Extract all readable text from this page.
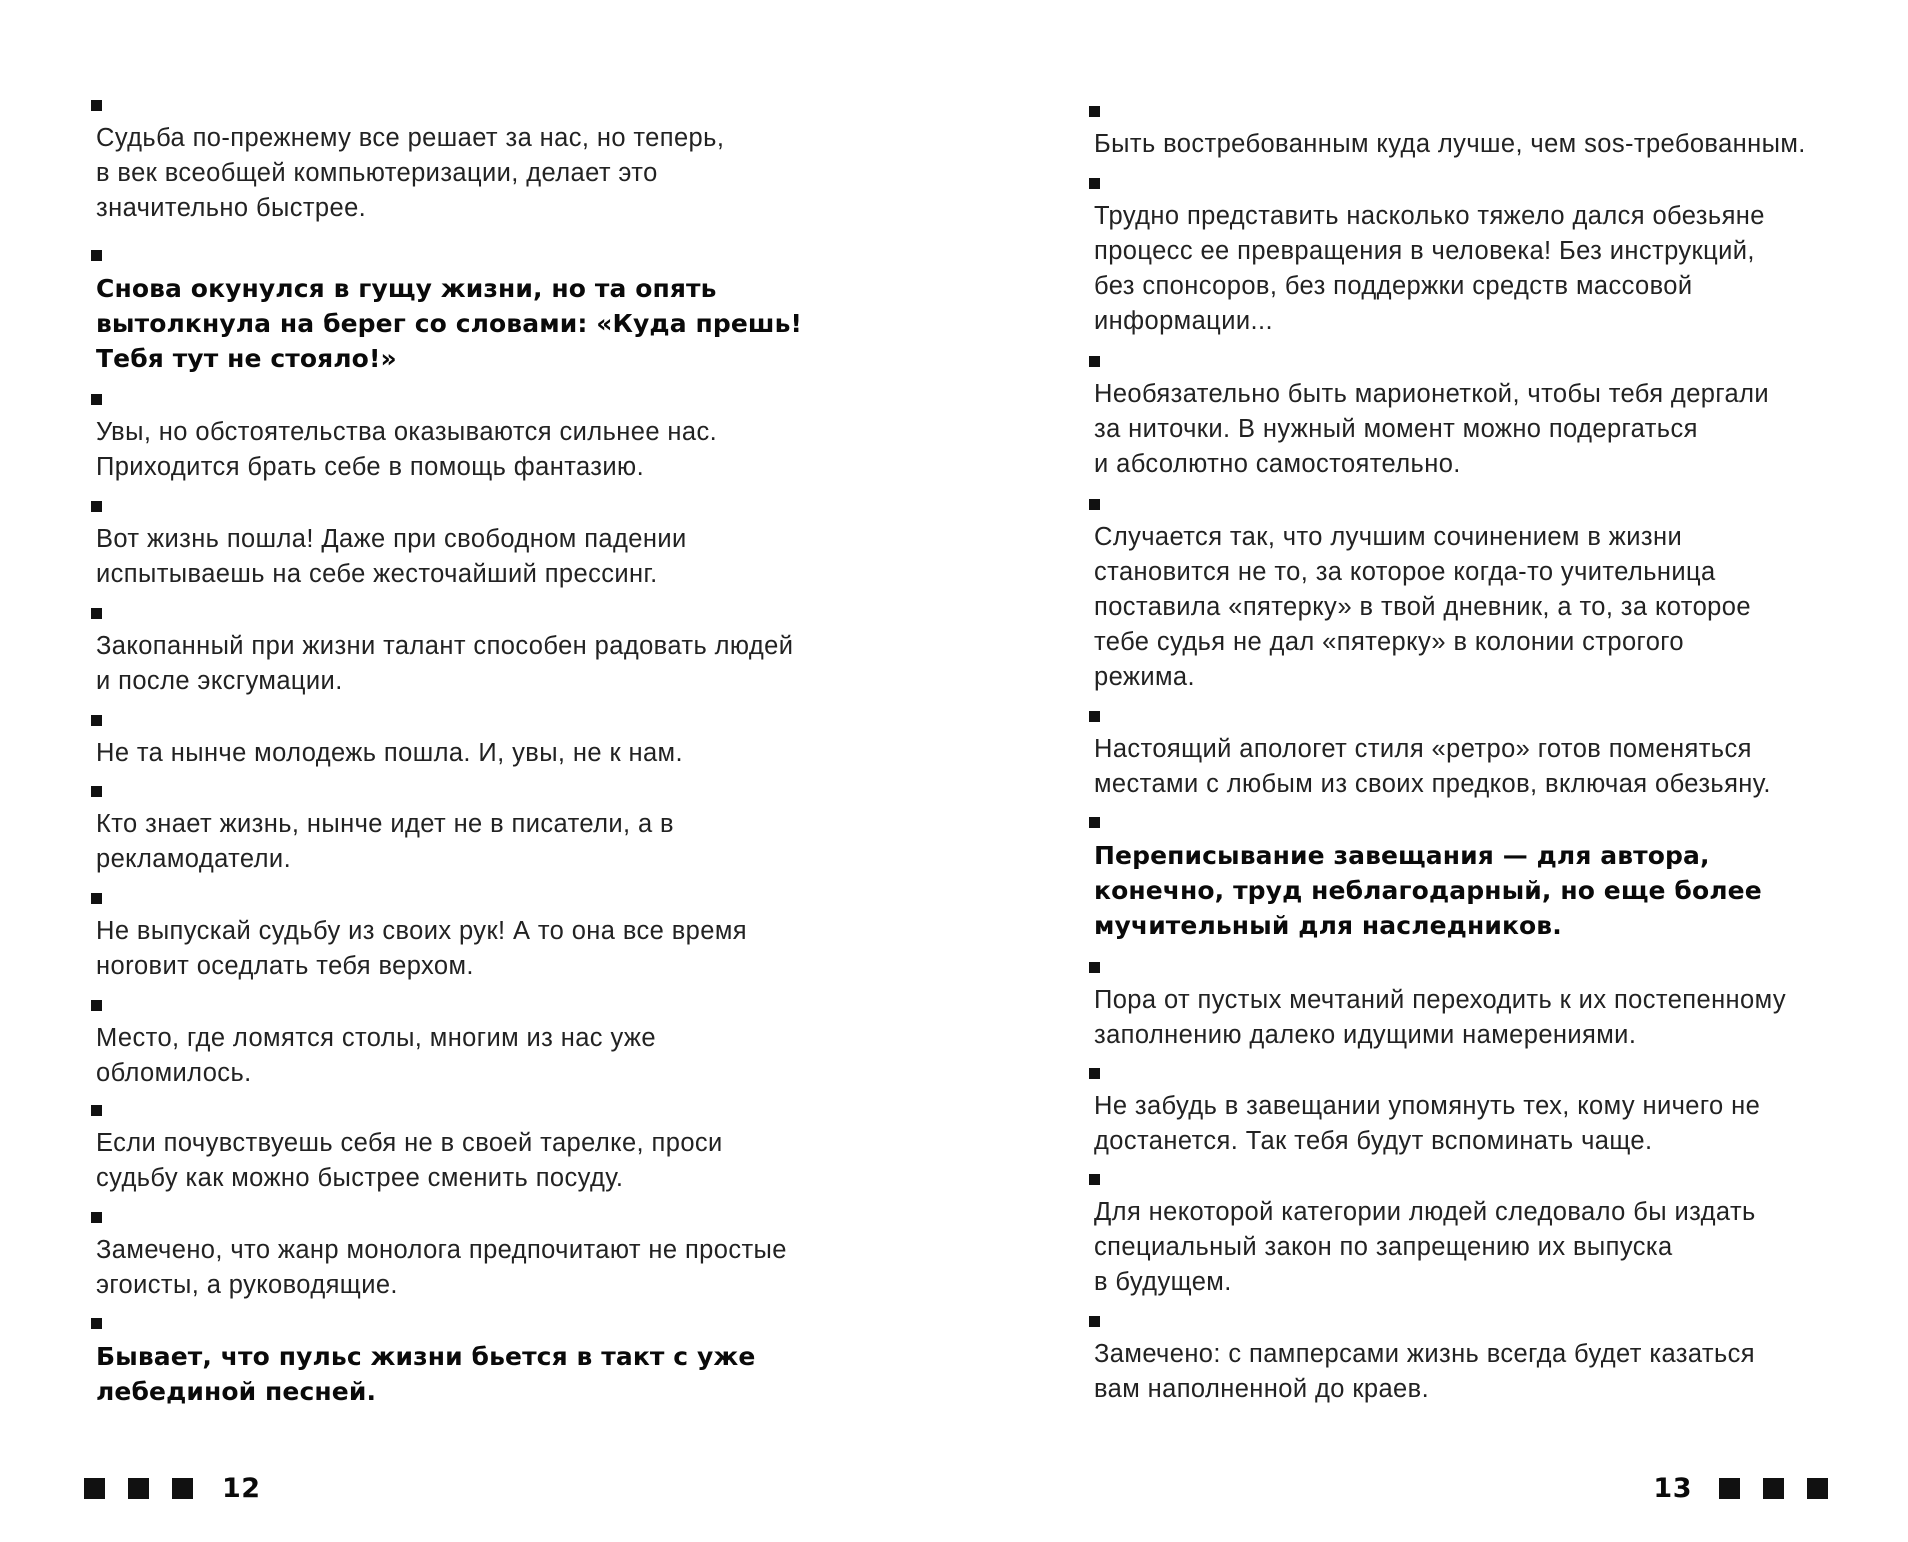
Судьба по-прежнему все решает за нас, но теперь,
в век всеобщей компьютеризации, делает это
значительно быстрее.
Снова окунулся в гущу жизни, но та опять
вытолкнула на берег со словами: «Куда прешь!
Тебя тут не стояло!»
Увы, но обстоятельства оказываются сильнее нас.
Приходится брать себе в помощь фантазию.
Вот жизнь пошла! Даже при свободном падении
испытываешь на себе жесточайший прессинг.
Закопанный при жизни талант способен радовать людей
и после эксгумации.
Не та нынче молодежь пошла. И, увы, не к нам.
Кто знает жизнь, нынче идет не в писатели, а в
рекламодатели.
Не выпускай судьбу из своих рук! А то она все время
нorовит оседлать тебя верхом.
Место, где ломятся столы, многим из нас уже
обломилось.
Если почувствуешь себя не в своей тарелке, проси
судьбу как можно быстрее сменить посуду.
Замечено, что жанр монолога предпочитают не простые
эгоисты, а руководящие.
Бывает, что пульс жизни бьется в такт с уже
лебединой песней.
12
Быть востребованным куда лучше, чем sos-требованным.
Трудно представить насколько тяжело дался обезьяне
процесс ее превращения в человека! Без инструкций,
без спонсоров, без поддержки средств массовой
информации...
Необязательно быть марионеткой, чтобы тебя дергали
за ниточки. В нужный момент можно подергаться
и абсолютно самостоятельно.
Случается так, что лучшим сочинением в жизни
становится не то, за которое когда-то учительница
поставила «пятерку» в твой дневник, а то, за которое
тебе судья не дал «пятерку» в колонии строгого
режима.
Настоящий апологет стиля «ретро» готов поменяться
местами с любым из своих предков, включая обезьяну.
Переписывание завещания — для автора,
конечно, труд неблагодарный, но еще более
мучительный для наследников.
Пора от пустых мечтаний переходить к их постепенному
заполнению далеко идущими намерениями.
Не забудь в завещании упомянуть тех, кому ничего не
достанется. Так тебя будут вспоминать чаще.
Для некоторой категории людей следовало бы издать
специальный закон по запрещению их выпуска
в будущем.
Замечено: с памперсами жизнь всегда будет казаться
вам наполненной до краев.
13
